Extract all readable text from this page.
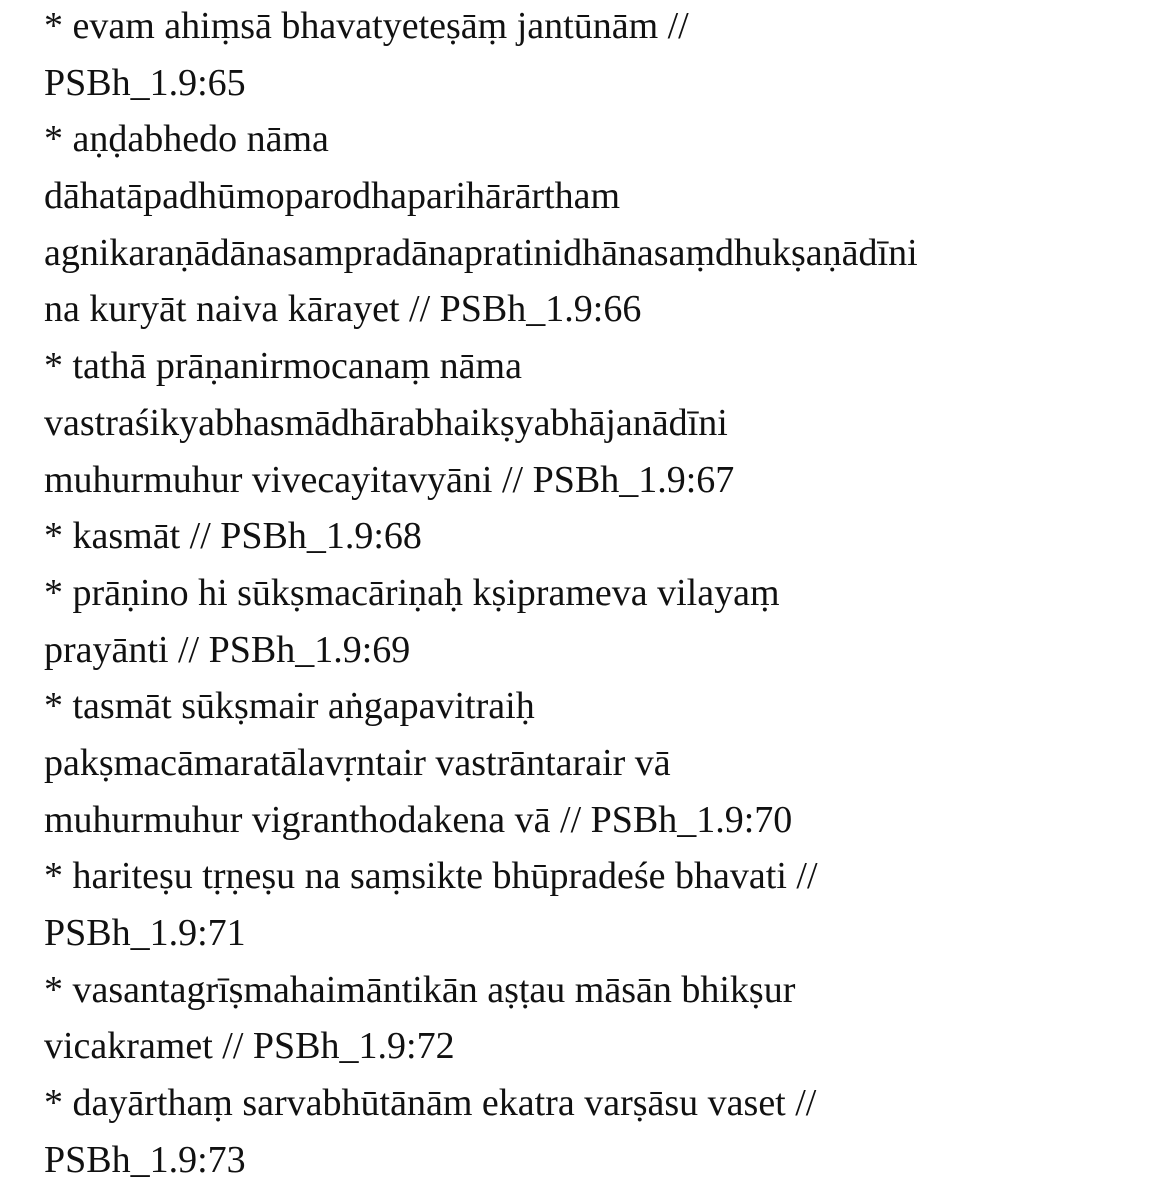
* evam ahiṃsā bhavatyeteṣāṃ jantūnām //
PSBh_1.9:65
* aṇḍabhedo nāma
dāhatāpadhūmoparodhaparihārārtham
agnikaraṇādānasampradānapratinidhānasaṃdhukṣaṇādīni
na kuryāt naiva kārayet // PSBh_1.9:66
* tathā prāṇanirmocanaṃ nāma
vastraśikyabhasmādhārabhaikṣyabhājanādīni
muhurmuhur vivecayitavyāni // PSBh_1.9:67
* kasmāt // PSBh_1.9:68
* prāṇino hi sūkṣmacāriṇaḥ kṣiprameva vilayaṃ
prayānti // PSBh_1.9:69
* tasmāt sūkṣmair aṅgapavitraiḥ
pakṣmacāmaratālavṛntair vastrāntarair vā
muhurmuhur vigranthodakena vā // PSBh_1.9:70
* hariteṣu tṛṇeṣu na saṃsikte bhūpradeśe bhavati //
PSBh_1.9:71
* vasantagrīṣmahaimāntikān aṣṭau māsān bhikṣur
vicakramet // PSBh_1.9:72
* dayārthaṃ sarvabhūtānām ekatra varṣāsu vaset //
PSBh_1.9:73
